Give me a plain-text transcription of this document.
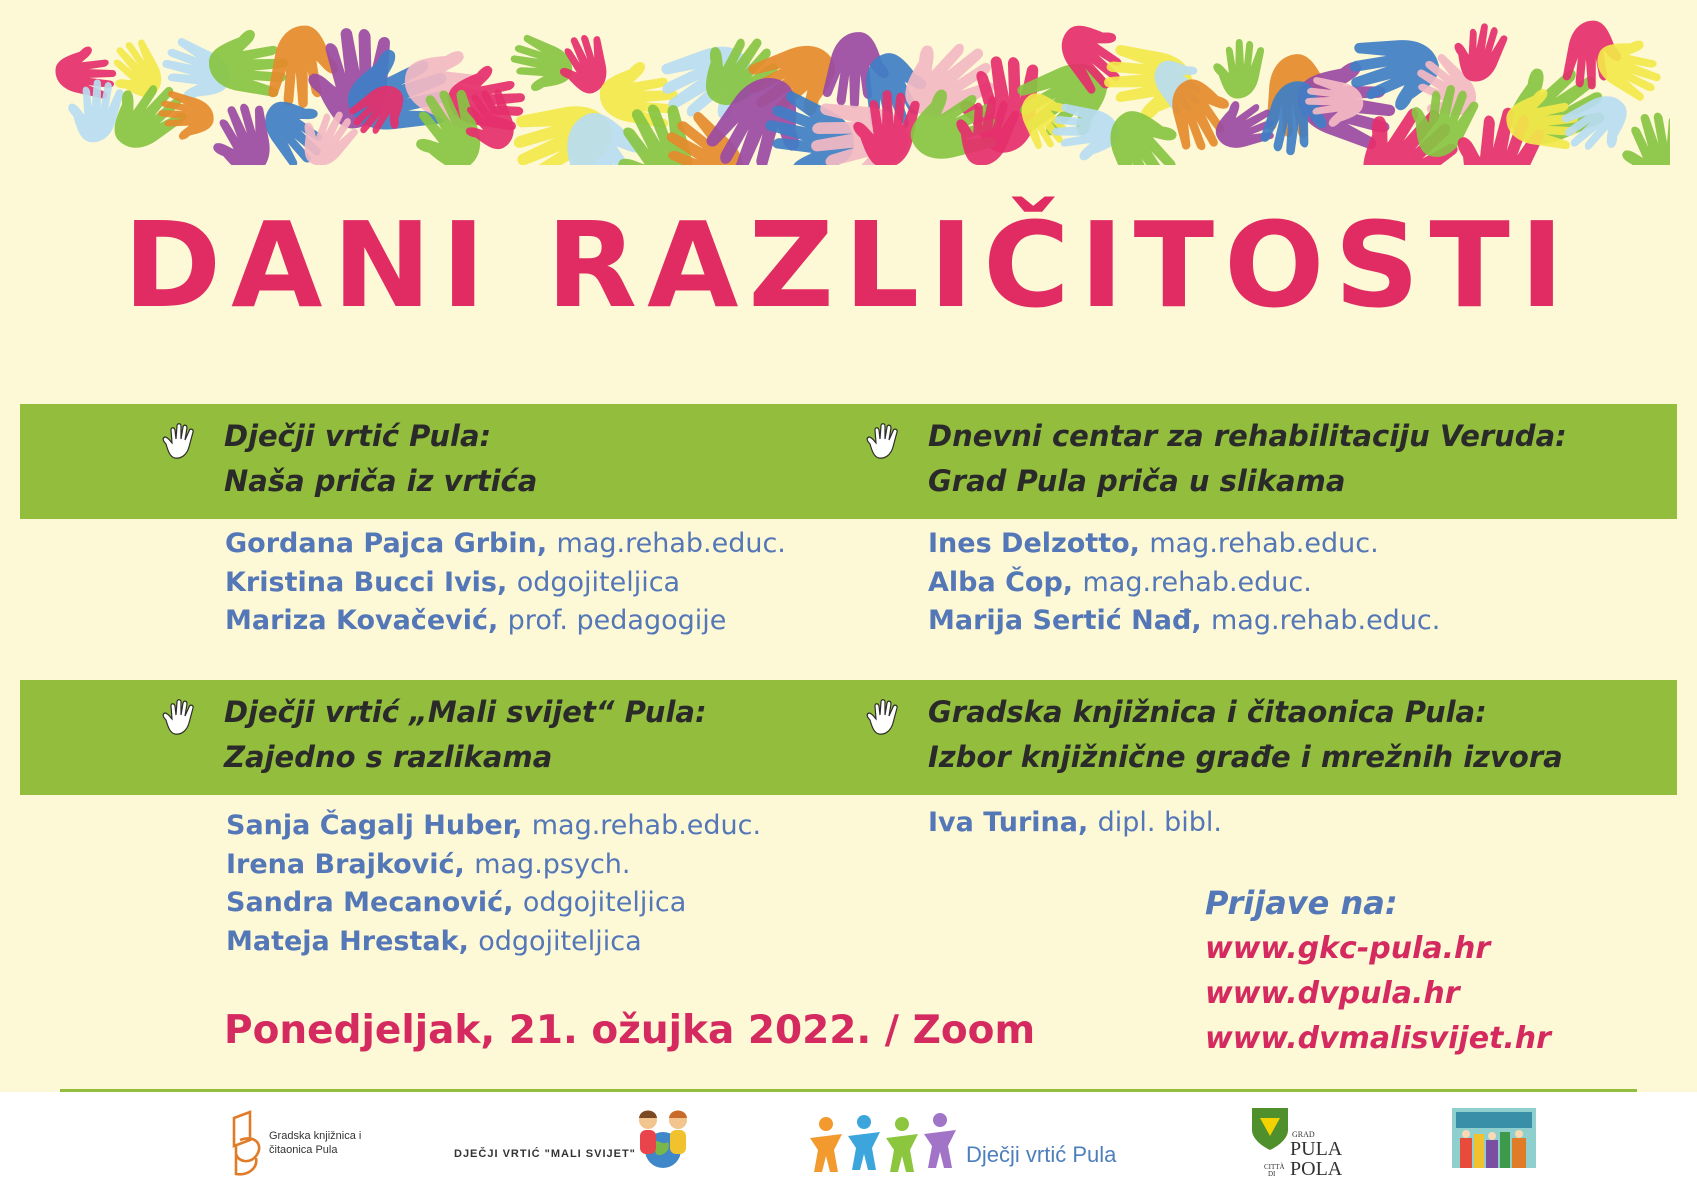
DANI RAZLIČITOSTI
Dječji vrtić Pula:
Naša priča iz vrtića
Gordana Pajca Grbin, mag.rehab.educ.
Kristina Bucci Ivis, odgojiteljica
Mariza Kovačević, prof. pedagogije
Dnevni centar za rehabilitaciju Veruda:
Grad Pula priča u slikama
Ines Delzotto, mag.rehab.educ.
Alba Čop, mag.rehab.educ.
Marija Sertić Nađ, mag.rehab.educ.
Dječji vrtić „Mali svijet“ Pula:
Zajedno s razlikama
Sanja Čagalj Huber, mag.rehab.educ.
Irena Brajković, mag.psych.
Sandra Mecanović, odgojiteljica
Mateja Hrestak, odgojiteljica
Gradska knjižnica i čitaonica Pula:
Izbor knjižnične građe i mrežnih izvora
Iva Turina, dipl. bibl.
Ponedjeljak, 21. ožujka 2022. / Zoom
Prijave na:
www.gkc-pula.hr
www.dvpula.hr
www.dvmalisvijet.hr
Gradska knjižnica i čitaonica Pula	DJEČJI VRTIĆ "MALI SVIJET"	Dječji vrtić Pula
GRAD
PULA
CITTÀ
DI POLA
